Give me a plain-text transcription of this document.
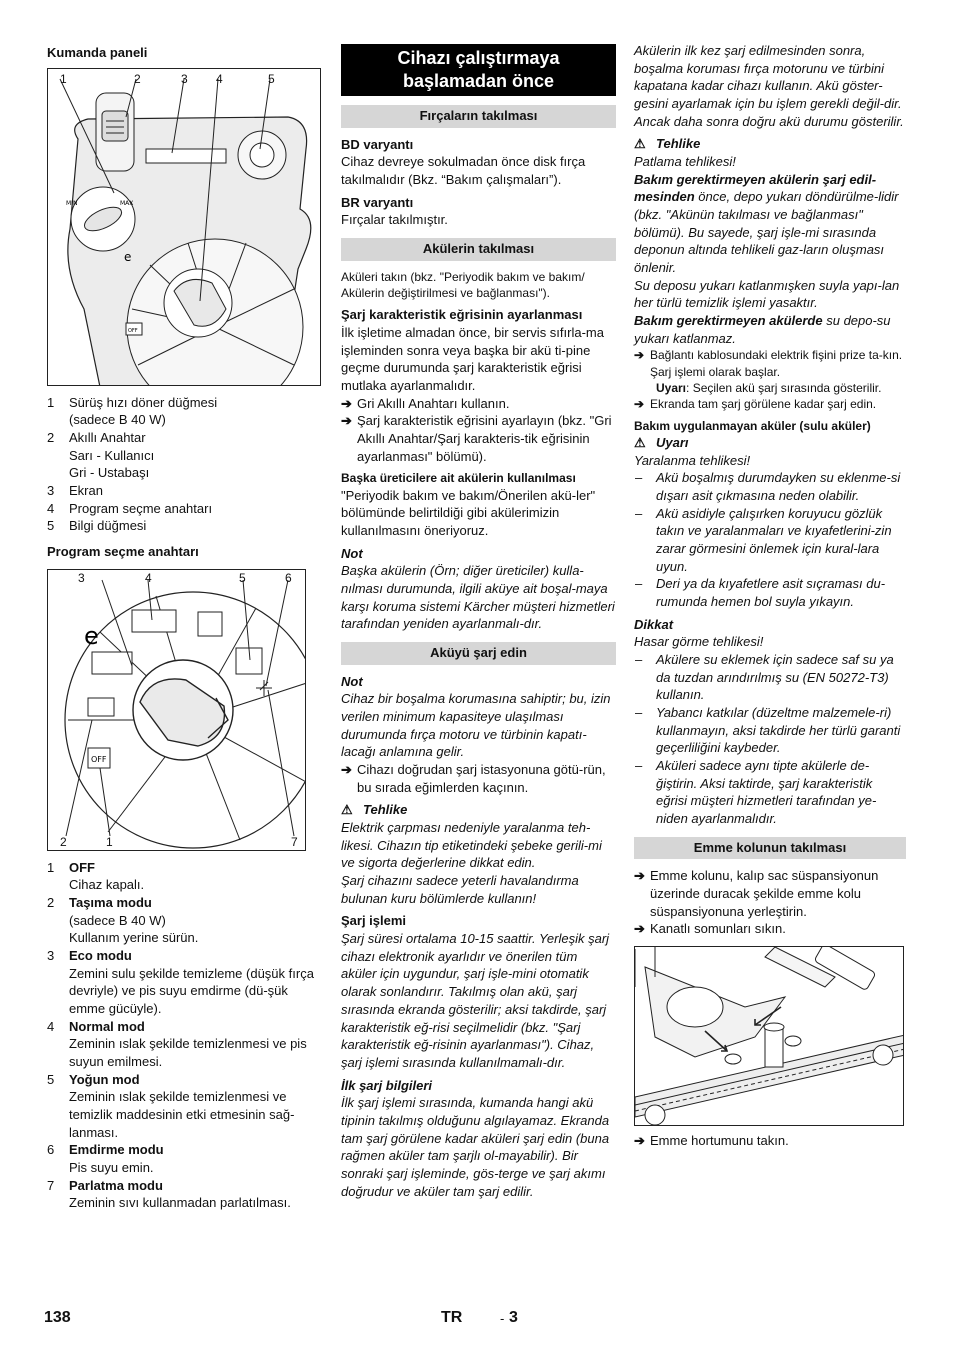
Kumanda paneli
1	2	3 4	5
MIN	MAX
OFF
e
1	Sürüş hızı döner düğmesi
(sadece B 40 W)
2	Akıllı Anahtar
Sarı - Kullanıcı
Gri - Ustabaşı
3	Ekran
4	Program seçme anahtarı
5	Bilgi düğmesi
Program seçme anahtarı
3	4	5	6
2	1	7
OFF
e
1	OFF
Cihaz kapalı.
2	Taşıma modu
(sadece B 40 W)
Kullanım yerine sürün.
3	Eco modu
Zemini sulu şekilde temizleme (düşük fırça devriyle) ve pis suyu emdirme (dü-şük emme gücüyle).
4	Normal mod
Zeminin ıslak şekilde temizlenmesi ve pis suyun emilmesi.
5	Yoğun mod
Zeminin ıslak şekilde temizlenmesi ve temizlik maddesinin etki etmesinin sağ-lanması.
6	Emdirme modu
Pis suyu emin.
7	Parlatma modu
Zeminin sıvı kullanmadan parlatılması.
Cihazı çalıştırmaya başlamadan önce
Fırçaların takılması
BD varyantı

Cihaz devreye sokulmadan önce disk fırça takılmalıdır (Bkz. “Bakım çalışmaları”).

BR varyantı

Fırçalar takılmıştır.

Akülerin takılması

Aküleri takın (bkz. "Periyodik bakım ve bakım/ Akülerin değiştirilmesi ve bağlanması").

Şarj karakteristik eğrisinin ayarlanması

İlk işletime almadan önce, bir servis sıfırla-ma işleminden sonra veya başka bir akü ti-pine geçme durumunda şarj karakteristik eğrisi mutlaka ayarlanmalıdır.

➔ Gri Akıllı Anahtarı kullanın.
➔ Şarj karakteristik eğrisini ayarlayın (bkz. "Gri Akıllı Anahtar/Şarj karakteris-tik eğrisinin ayarlanması" bölümü).
Başka üreticilere ait akülerin kullanılması

"Periyodik bakım ve bakım/Önerilen akü-ler" bölümünde belirtildiği gibi akülerimizin kullanılmasını öneriyoruz.

Not

Başka akülerin (Örn; diğer üreticiler) kulla-nılması durumunda, ilgili aküye ait boşal-maya karşı koruma sistemi Kärcher müşteri hizmetleri tarafından yeniden ayarlanmalı-dır.

Aküyü şarj edin
Not

Cihaz bir boşalma korumasına sahiptir; bu, izin verilen minimum kapasiteye ulaşılması durumunda fırça motoru ve türbinin kapatı-lacağı anlamına gelir.

➔ Cihazı doğrudan şarj istasyonuna götü-rün, bu sırada eğimlerden kaçının.
⚠ Tehlike

Elektrik çarpması nedeniyle yaralanma teh-likesi. Cihazın tip etiketindeki şebeke gerili-mi ve sigorta değerlerine dikkat edin.

Şarj cihazını sadece yeterli havalandırma bulunan kuru bölümlerde kullanın!

Şarj işlemi

Şarj süresi ortalama 10-15 saattir. Yerleşik şarj cihazı elektronik ayarlıdır ve önerilen tüm aküler için uygundur, şarj işle-mini otomatik olarak sonlandırır. Takılmış olan akü, şarj sırasında ekranda gösterilir; aksi takdirde, şarj karakteristik eğ-risi seçilmelidir (bkz. "Şarj karakteristik eğ-risinin ayarlanması"). Cihaz, şarj işlemi sırasında kullanılmamalı-dır.

İlk şarj bilgileri

İlk şarj işlemi sırasında, kumanda hangi akü tipinin takılmış olduğunu algılayamaz. Ekranda tam şarj görülene kadar aküleri şarj edin (buna rağmen aküler tam şarjlı ol-mayabilir). Bir sonraki şarj işleminde, gös-terge ve şarj akımı doğrudur ve aküler tam şarj edilir.

Akülerin ilk kez şarj edilmesinden sonra, boşalma koruması fırça motorunu ve türbini kapatana kadar cihazı kullanın. Akü göster-gesini ayarlamak için bu işlem gerekli değil-dir. Ancak daha sonra doğru akü durumu gösterilir.

⚠ Tehlike

Patlama tehlikesi!

Bakım gerektirmeyen akülerin şarj edil-mesinden önce, depo yukarı döndürülme-lidir (bkz. "Akünün takılması ve bağlanması" bölümü). Bu sayede, şarj işle-mi sırasında deponun altında tehlikeli gaz-ların oluşması önlenir.

Su deposu yukarı katlanmışken suyla yapı-lan her türlü temizlik işlemi yasaktır.

Bakım gerektirmeyen akülerde su depo-su yukarı katlanmaz.

➔ Bağlantı kablosundaki elektrik fişini prize ta-kın. Şarj işlemi olarak başlar.
Uyarı: Seçilen akü şarj sırasında gösterilir.
➔ Ekranda tam şarj görülene kadar şarj edin.
Bakım uygulanmayan aküler (sulu aküler)
⚠ Uyarı

Yaralanma tehlikesi!

–	Akü boşalmış durumdayken su eklenme-si dışarı asit çıkmasına neden olabilir.
–	Akü asidiyle çalışırken koruyucu gözlük takın ve yaralanmaları ve kıyafetlerini-zin zarar görmesini önlemek için kural-lara uyun.
–	Deri ya da kıyafetlere asit sıçraması du-rumunda hemen bol suyla yıkayın.
Dikkat

Hasar görme tehlikesi!

–	Akülere su eklemek için sadece saf su ya da tuzdan arındırılmış su (EN 50272-T3) kullanın.
–	Yabancı katkılar (düzeltme malzemele-ri) kullanmayın, aksi takdirde her türlü garanti geçerliliğini kaybeder.
–	Aküleri sadece aynı tipte akülerle de-ğiştirin. Aksi taktirde, şarj karakteristik eğrisi müşteri hizmetleri tarafından ye-niden ayarlanmalıdır.
Emme kolunun takılması
➔ Emme kolunu, kalıp sac süspansiyonun üzerinde duracak şekilde emme kolu süspansiyonuna yerleştirin.
➔ Kanatlı somunları sıkın.
➔ Emme hortumunu takın.
138	TR	- 3
